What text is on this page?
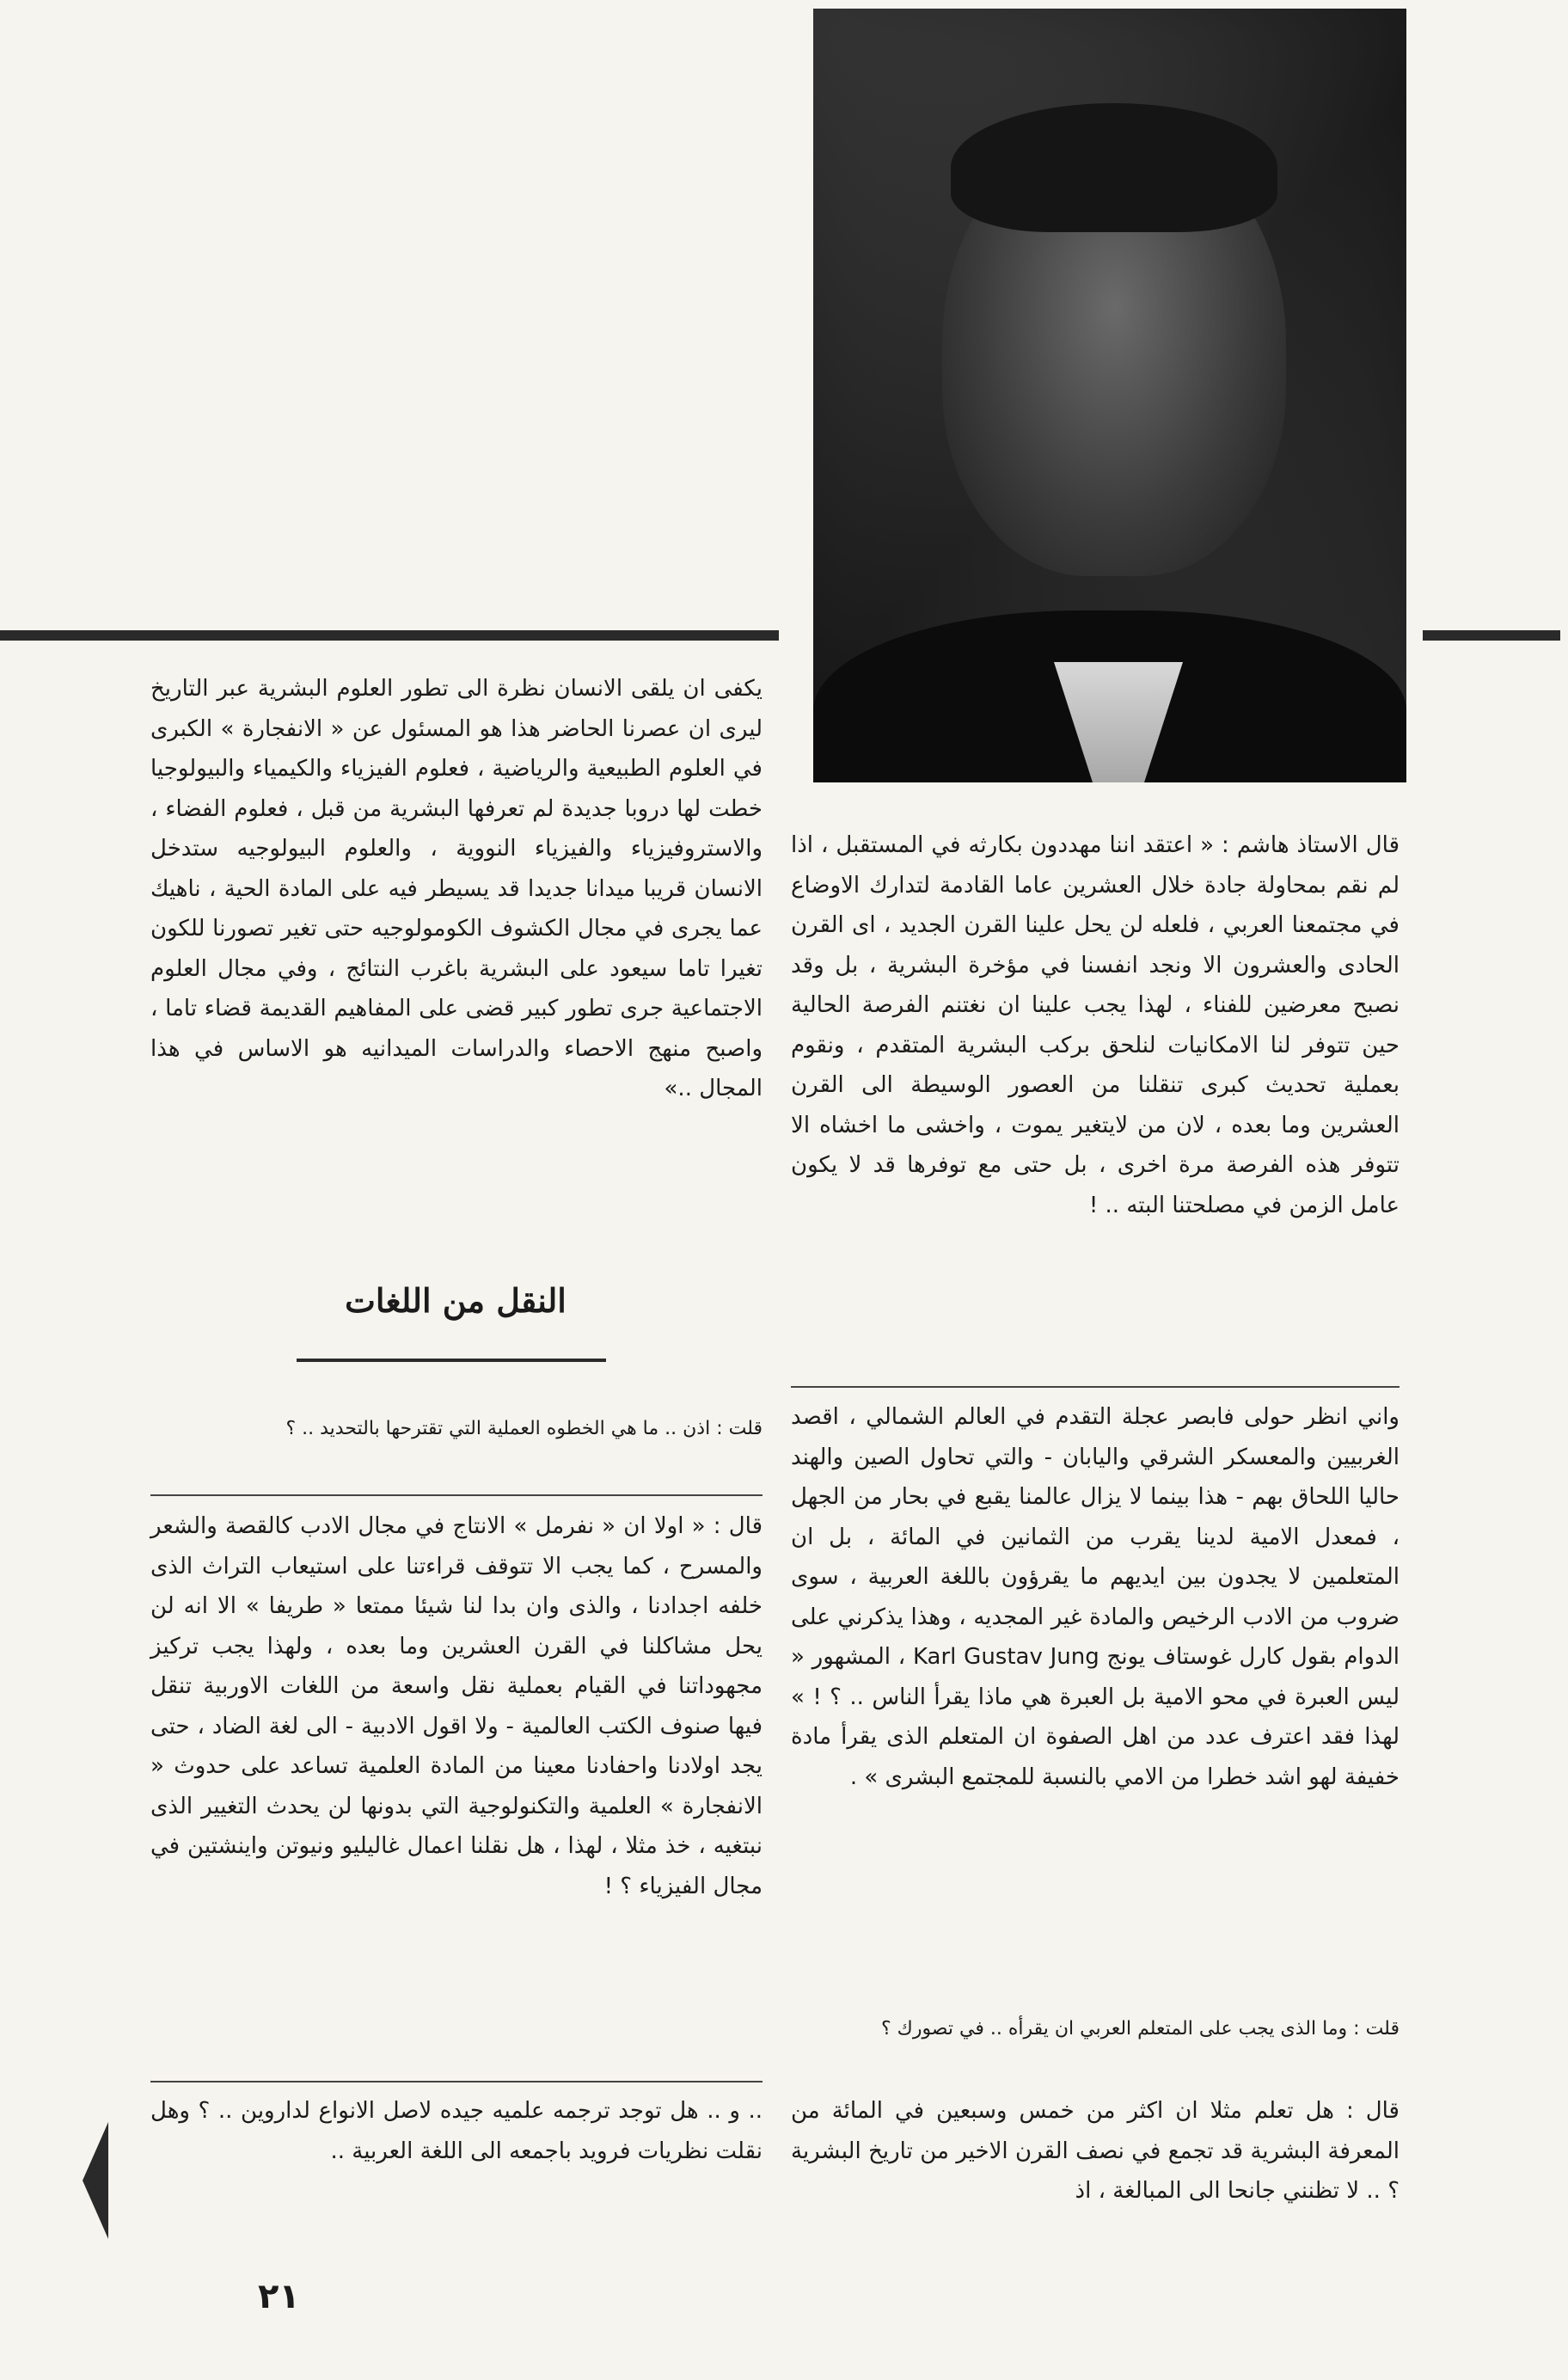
قال الاستاذ هاشم : « اعتقد اننا مهددون بكارثه في المستقبل ، اذا لم نقم بمحاولة جادة خلال العشرين عاما القادمة لتدارك الاوضاع في مجتمعنا العربي ، فلعله لن يحل علينا القرن الجديد ، اى القرن الحادى والعشرون الا ونجد انفسنا في مؤخرة البشرية ، بل وقد نصبح معرضين للفناء ، لهذا يجب علينا ان نغتنم الفرصة الحالية حين تتوفر لنا الامكانيات لنلحق بركب البشرية المتقدم ، ونقوم بعملية تحديث كبرى تنقلنا من العصور الوسيطة الى القرن العشرين وما بعده ، لان من لايتغير يموت ، واخشى ما اخشاه الا تتوفر هذه الفرصة مرة اخرى ، بل حتى مع توفرها قد لا يكون عامل الزمن في مصلحتنا البته .. !

واني انظر حولى فابصر عجلة التقدم في العالم الشمالي ، اقصد الغربيين والمعسكر الشرقي واليابان - والتي تحاول الصين والهند حاليا اللحاق بهم - هذا بينما لا يزال عالمنا يقبع في بحار من الجهل ، فمعدل الامية لدينا يقرب من الثمانين في المائة ، بل ان المتعلمين لا يجدون بين ايديهم ما يقرؤون باللغة العربية ، سوى ضروب من الادب الرخيص والمادة غير المجديه ، وهذا يذكرني على الدوام بقول كارل غوستاف يونج Karl Gustav Jung ، المشهور « ليس العبرة في محو الامية بل العبرة هي ماذا يقرأ الناس .. ؟ ! » لهذا فقد اعترف عدد من اهل الصفوة ان المتعلم الذى يقرأ مادة خفيفة لهو اشد خطرا من الامي بالنسبة للمجتمع البشرى » .

قلت : وما الذى يجب على المتعلم العربي ان يقرأه .. في تصورك ؟

قال : هل تعلم مثلا ان اكثر من خمس وسبعين في المائة من المعرفة البشرية قد تجمع في نصف القرن الاخير من تاريخ البشرية ؟ .. لا تظنني جانحا الى المبالغة ، اذ

يكفى ان يلقى الانسان نظرة الى تطور العلوم البشرية عبر التاريخ ليرى ان عصرنا الحاضر هذا هو المسئول عن « الانفجارة » الكبرى في العلوم الطبيعية والرياضية ، فعلوم الفيزياء والكيمياء والبيولوجيا خطت لها دروبا جديدة لم تعرفها البشرية من قبل ، فعلوم الفضاء ، والاستروفيزياء والفيزياء النووية ، والعلوم البيولوجيه ستدخل الانسان قريبا ميدانا جديدا قد يسيطر فيه على المادة الحية ، ناهيك عما يجرى في مجال الكشوف الكومولوجيه حتى تغير تصورنا للكون تغيرا تاما سيعود على البشرية باغرب النتائج ، وفي مجال العلوم الاجتماعية جرى تطور كبير قضى على المفاهيم القديمة قضاء تاما ، واصبح منهج الاحصاء والدراسات الميدانيه هو الاساس في هذا المجال ..»

النقل من اللغات

قلت : اذن .. ما هي الخطوه العملية التي تقترحها بالتحديد .. ؟

قال : « اولا ان « نفرمل » الانتاج في مجال الادب كالقصة والشعر والمسرح ، كما يجب الا تتوقف قراءتنا على استيعاب التراث الذى خلفه اجدادنا ، والذى وان بدا لنا شيئا ممتعا « طريفا » الا انه لن يحل مشاكلنا في القرن العشرين وما بعده ، ولهذا يجب تركيز مجهوداتنا في القيام بعملية نقل واسعة من اللغات الاوربية تنقل فيها صنوف الكتب العالمية - ولا اقول الادبية - الى لغة الضاد ، حتى يجد اولادنا واحفادنا معينا من المادة العلمية تساعد على حدوث « الانفجارة » العلمية والتكنولوجية التي بدونها لن يحدث التغيير الذى نبتغيه ، خذ مثلا ، لهذا ، هل نقلنا اعمال غاليليو ونيوتن واينشتين في مجال الفيزياء ؟ !

.. و .. هل توجد ترجمه علميه جيده لاصل الانواع لداروين .. ؟ وهل نقلت نظريات فرويد باجمعه الى اللغة العربية ..

٢١
